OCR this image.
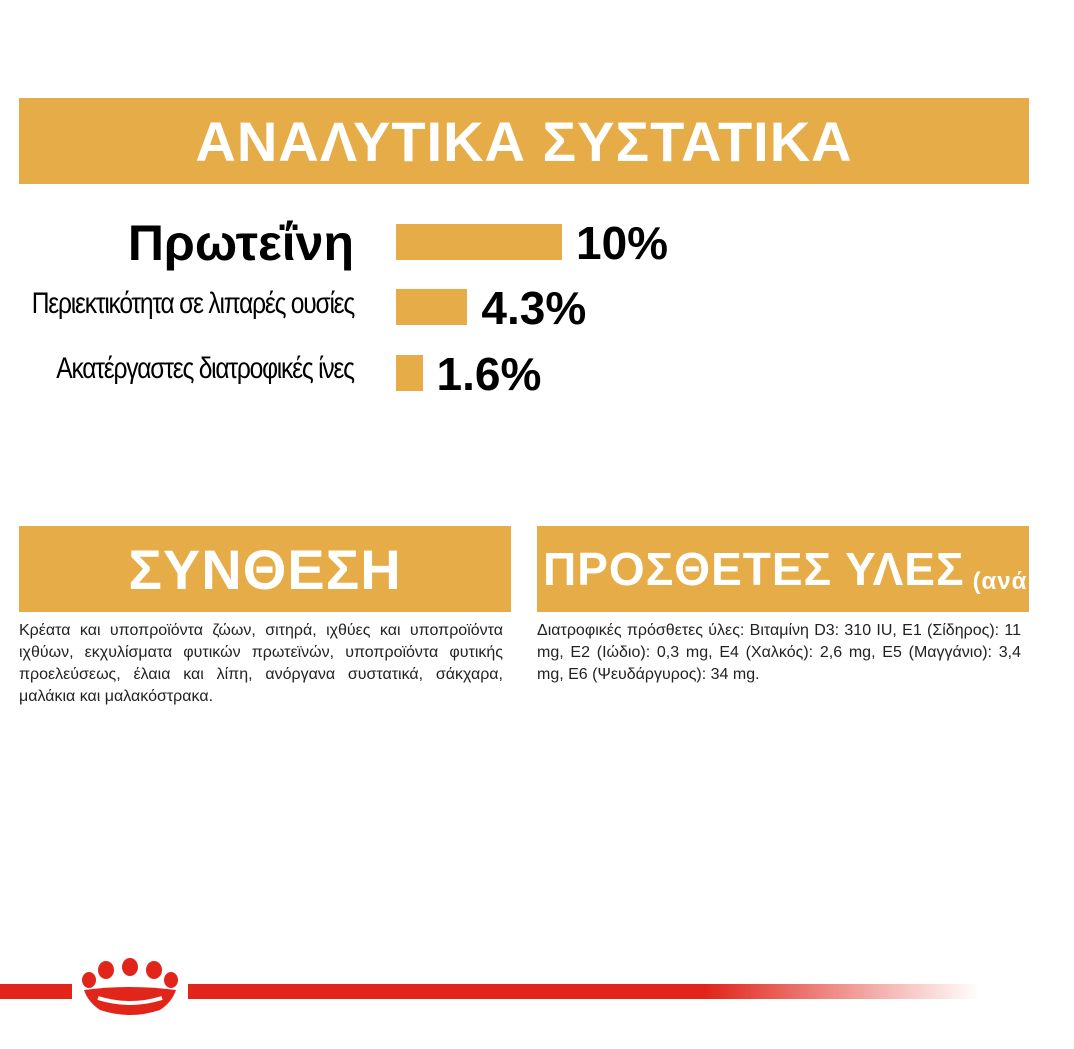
ΑΝΑΛΥΤΙΚΑ ΣΥΣΤΑΤΙΚΑ
Πρωτεΐνη	10%
Περιεκτικότητα σε λιπαρές ουσίες	4.3%
Ακατέργαστες διατροφικές ίνες 1.6%
ΣΥΝΘΕΣΗ
Κρέατα και υποπροϊόντα ζώων, σιτηρά, ιχθύες και υποπροϊόντα ιχθύων, εκχυλίσματα φυτικών πρωτεϊνών, υποπροϊόντα φυτικής προελεύσεως, έλαια και λίπη, ανόργανα συστατικά, σάκχαρα, μαλάκια και μαλακόστρακα.
ΠΡΟΣΘΕΤΕΣ ΥΛΕΣ (ανά kg)
Διατροφικές πρόσθετες ύλες: Βιταμίνη D3: 310 IU, E1 (Σίδηρος): 11 mg, E2 (Ιώδιο): 0,3 mg, E4 (Χαλκός): 2,6 mg, E5 (Μαγγάνιο): 3,4 mg, E6 (Ψευδάργυρος): 34 mg.
